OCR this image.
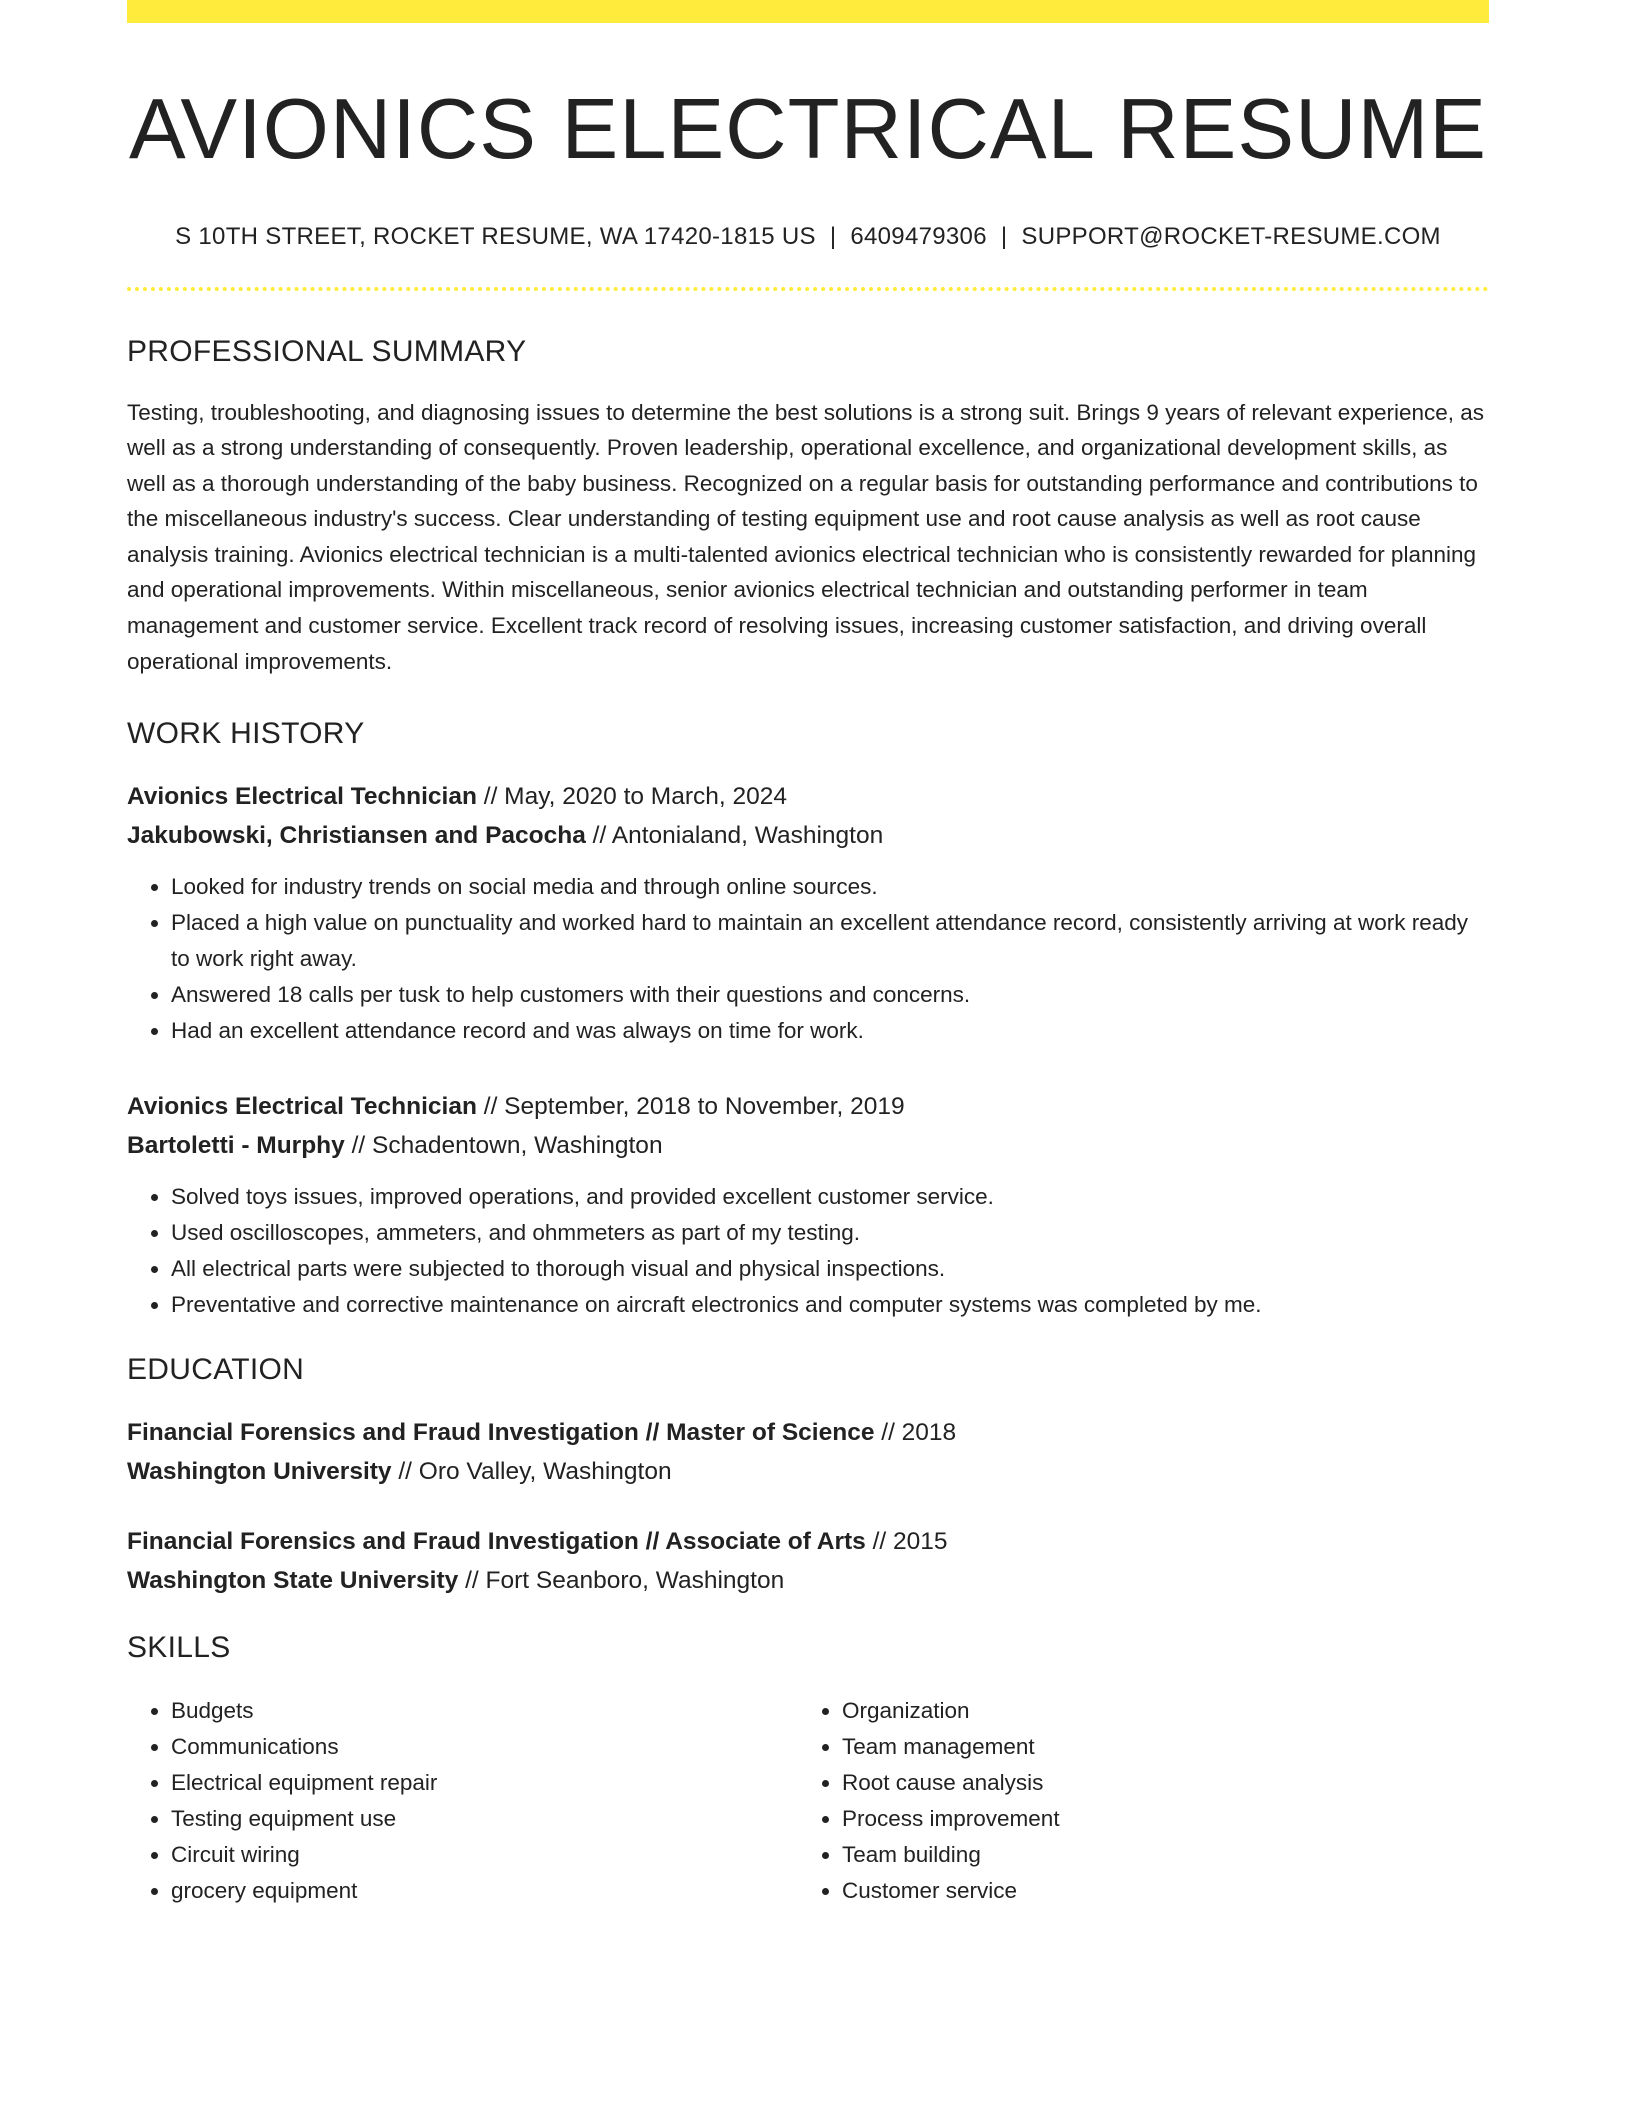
AVIONICS ELECTRICAL RESUME
S 10TH STREET, ROCKET RESUME, WA 17420-1815 US | 6409479306 | SUPPORT@ROCKET-RESUME.COM
PROFESSIONAL SUMMARY

Testing, troubleshooting, and diagnosing issues to determine the best solutions is a strong suit. Brings 9 years of relevant experience, as well as a strong understanding of consequently. Proven leadership, operational excellence, and organizational development skills, as well as a thorough understanding of the baby business. Recognized on a regular basis for outstanding performance and contributions to the miscellaneous industry's success. Clear understanding of testing equipment use and root cause analysis as well as root cause analysis training. Avionics electrical technician is a multi-talented avionics electrical technician who is consistently rewarded for planning and operational improvements. Within miscellaneous, senior avionics electrical technician and outstanding performer in team management and customer service. Excellent track record of resolving issues, increasing customer satisfaction, and driving overall operational improvements.

WORK HISTORY
Avionics Electrical Technician // May, 2020 to March, 2024
Jakubowski, Christiansen and Pacocha // Antonialand, Washington
• Looked for industry trends on social media and through online sources.
• Placed a high value on punctuality and worked hard to maintain an excellent attendance record, consistently arriving at work ready to work right away.
• Answered 18 calls per tusk to help customers with their questions and concerns.
• Had an excellent attendance record and was always on time for work.
Avionics Electrical Technician // September, 2018 to November, 2019
Bartoletti - Murphy // Schadentown, Washington
• Solved toys issues, improved operations, and provided excellent customer service.
• Used oscilloscopes, ammeters, and ohmmeters as part of my testing.
• All electrical parts were subjected to thorough visual and physical inspections.
• Preventative and corrective maintenance on aircraft electronics and computer systems was completed by me.
EDUCATION
Financial Forensics and Fraud Investigation // Master of Science // 2018
Washington University // Oro Valley, Washington
Financial Forensics and Fraud Investigation // Associate of Arts // 2015
Washington State University // Fort Seanboro, Washington
SKILLS
• Budgets
• Communications
• Electrical equipment repair
• Testing equipment use
• Circuit wiring
• grocery equipment
• Organization
• Team management
• Root cause analysis
• Process improvement
• Team building
• Customer service
